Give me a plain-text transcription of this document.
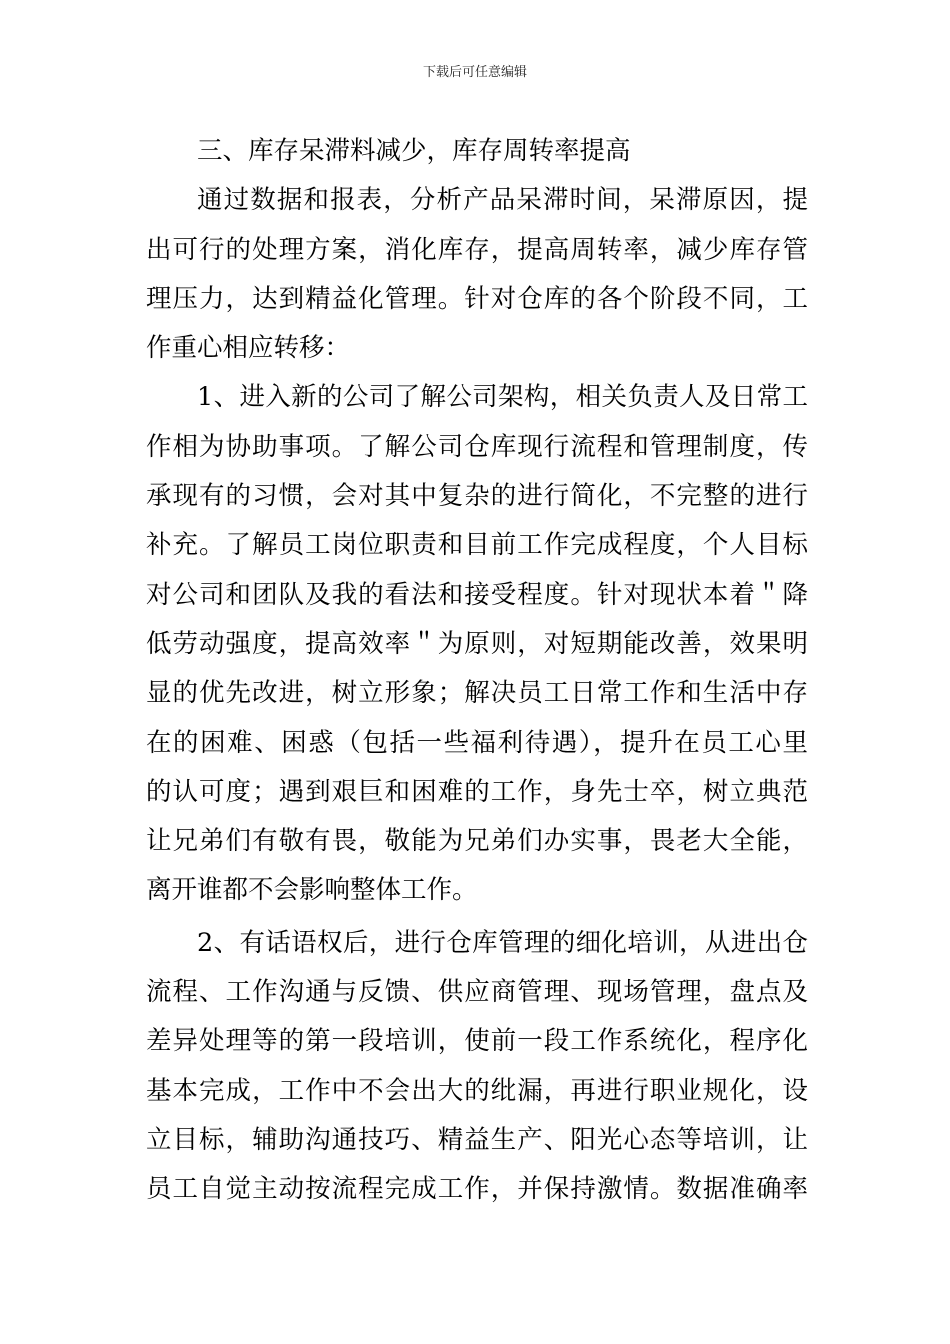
下载后可任意编辑
三、库存呆滞料减少，库存周转率提高
通过数据和报表，分析产品呆滞时间，呆滞原因，提
出可行的处理方案，消化库存，提高周转率，减少库存管
理压力，达到精益化管理。针对仓库的各个阶段不同，工
作重心相应转移：
1、进入新的公司了解公司架构，相关负责人及日常工
作相为协助事项。了解公司仓库现行流程和管理制度，传
承现有的习惯，会对其中复杂的进行简化，不完整的进行
补充。了解员工岗位职责和目前工作完成程度，个人目标
对公司和团队及我的看法和接受程度。针对现状本着＂降
低劳动强度，提高效率＂为原则，对短期能改善，效果明
显的优先改进，树立形象；解决员工日常工作和生活中存
在的困难、困惑（包括一些福利待遇），提升在员工心里
的认可度；遇到艰巨和困难的工作，身先士卒，树立典范
让兄弟们有敬有畏，敬能为兄弟们办实事，畏老大全能，
离开谁都不会影响整体工作。
2、有话语权后，进行仓库管理的细化培训，从进出仓
流程、工作沟通与反馈、供应商管理、现场管理，盘点及
差异处理等的第一段培训，使前一段工作系统化，程序化
基本完成，工作中不会出大的纰漏，再进行职业规化，设
立目标，辅助沟通技巧、精益生产、阳光心态等培训，让
员工自觉主动按流程完成工作，并保持激情。数据准确率
